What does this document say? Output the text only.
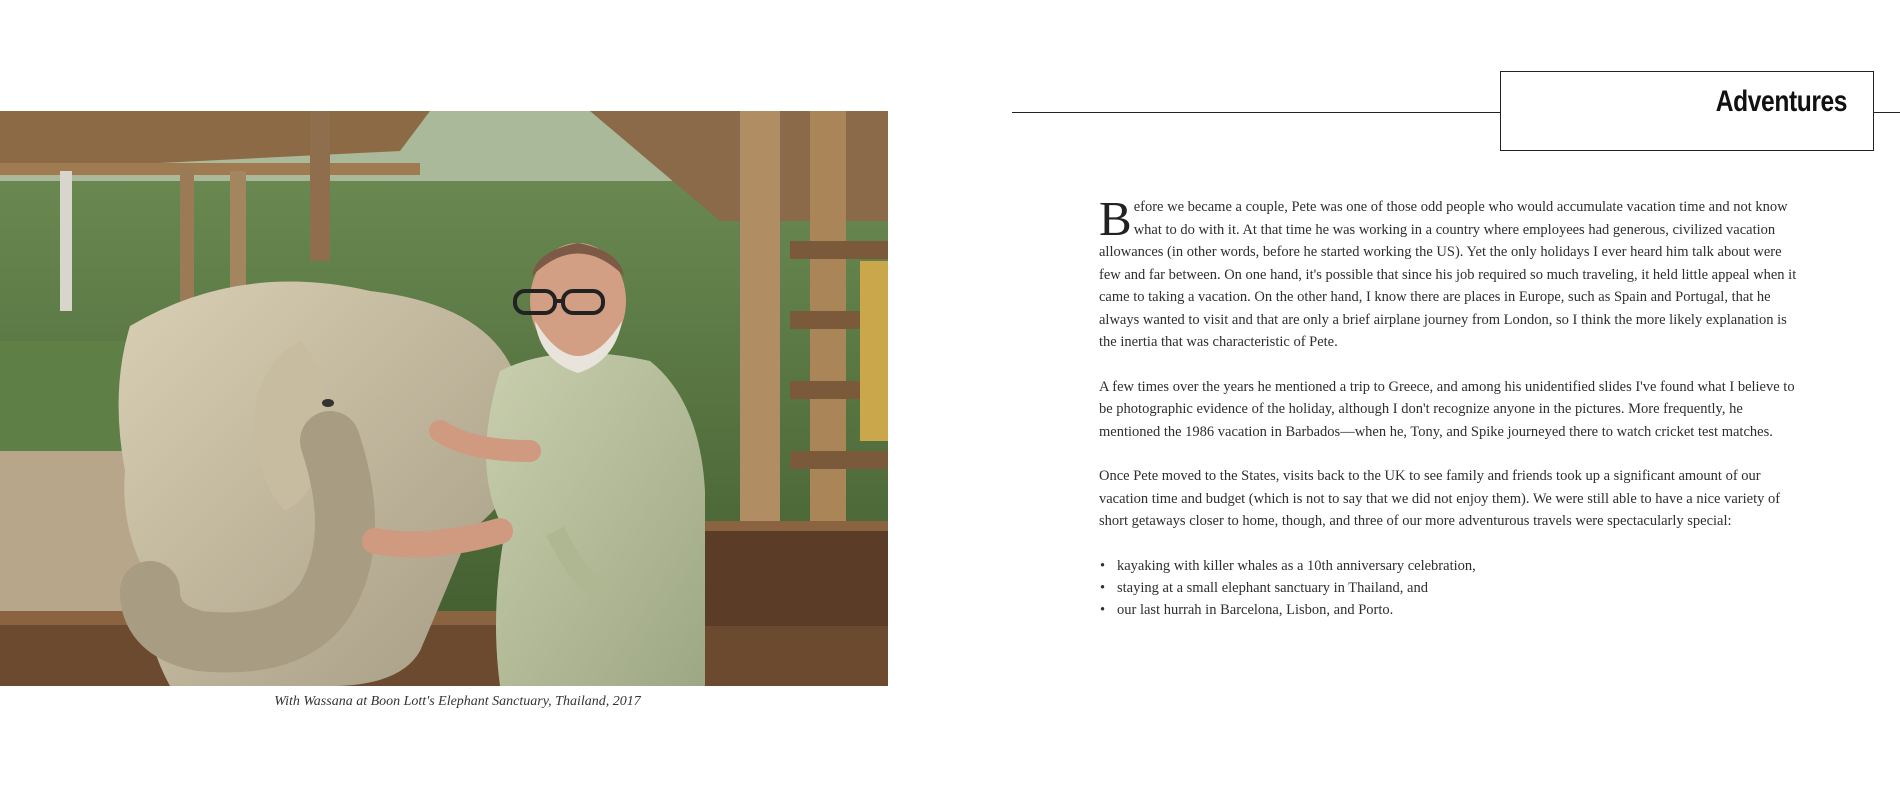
With Wassana at Boon Lott's Elephant Sanctuary, Thailand, 2017
Adventures

Before we became a couple, Pete was one of those odd people who would accumulate vacation time and not know what to do with it. At that time he was working in a country where employees had generous, civilized vacation allowances (in other words, before he started working the US). Yet the only holidays I ever heard him talk about were few and far between. On one hand, it's possible that since his job required so much traveling, it held little appeal when it came to taking a vacation. On the other hand, I know there are places in Europe, such as Spain and Portugal, that he always wanted to visit and that are only a brief airplane journey from London, so I think the more likely explanation is the inertia that was characteristic of Pete.

A few times over the years he mentioned a trip to Greece, and among his unidentified slides I've found what I believe to be photographic evidence of the holiday, although I don't recognize anyone in the pictures. More frequently, he mentioned the 1986 vacation in Barbados—when he, Tony, and Spike journeyed there to watch cricket test matches.

Once Pete moved to the States, visits back to the UK to see family and friends took up a significant amount of our vacation time and budget (which is not to say that we did not enjoy them). We were still able to have a nice variety of short getaways closer to home, though, and three of our more adventurous travels were spectacularly special:

• kayaking with killer whales as a 10th anniversary celebration,
• staying at a small elephant sanctuary in Thailand, and
• our last hurrah in Barcelona, Lisbon, and Porto.
